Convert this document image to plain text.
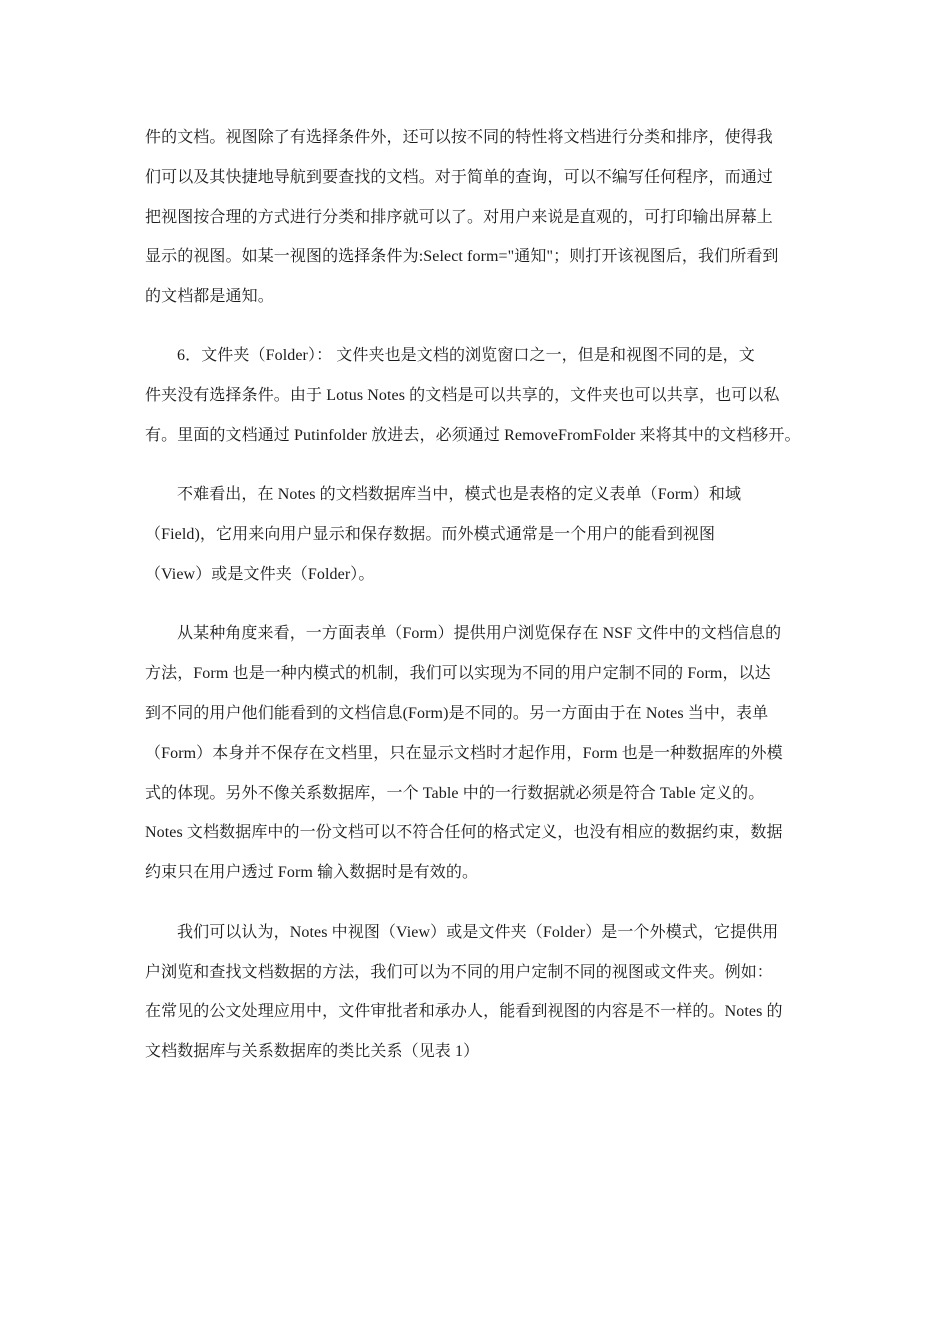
件的文档。视图除了有选择条件外，还可以按不同的特性将文档进行分类和排序，使得我
们可以及其快捷地导航到要查找的文档。对于简单的查询，可以不编写任何程序，而通过
把视图按合理的方式进行分类和排序就可以了。对用户来说是直观的，可打印输出屏幕上
显示的视图。如某一视图的选择条件为:Select form="通知"；则打开该视图后，我们所看到
的文档都是通知。
6．文件夹（Folder）： 文件夹也是文档的浏览窗口之一，但是和视图不同的是，文
件夹没有选择条件。由于 Lotus Notes 的文档是可以共享的，文件夹也可以共享，也可以私
有。里面的文档通过 Putinfolder 放进去，必须通过 RemoveFromFolder 来将其中的文档移开。
不难看出，在 Notes 的文档数据库当中，模式也是表格的定义表单（Form）和域
（Field)，它用来向用户显示和保存数据。而外模式通常是一个用户的能看到视图
（View）或是文件夹（Folder）。
从某种角度来看，一方面表单（Form）提供用户浏览保存在 NSF 文件中的文档信息的
方法，Form 也是一种内模式的机制，我们可以实现为不同的用户定制不同的 Form，以达
到不同的用户他们能看到的文档信息(Form)是不同的。另一方面由于在 Notes 当中，表单
（Form）本身并不保存在文档里，只在显示文档时才起作用，Form 也是一种数据库的外模
式的体现。另外不像关系数据库，一个 Table 中的一行数据就必须是符合 Table 定义的。
Notes 文档数据库中的一份文档可以不符合任何的格式定义，也没有相应的数据约束，数据
约束只在用户透过 Form 输入数据时是有效的。
我们可以认为，Notes 中视图（View）或是文件夹（Folder）是一个外模式，它提供用
户浏览和查找文档数据的方法，我们可以为不同的用户定制不同的视图或文件夹。例如：
在常见的公文处理应用中，文件审批者和承办人，能看到视图的内容是不一样的。Notes 的
文档数据库与关系数据库的类比关系（见表 1）
